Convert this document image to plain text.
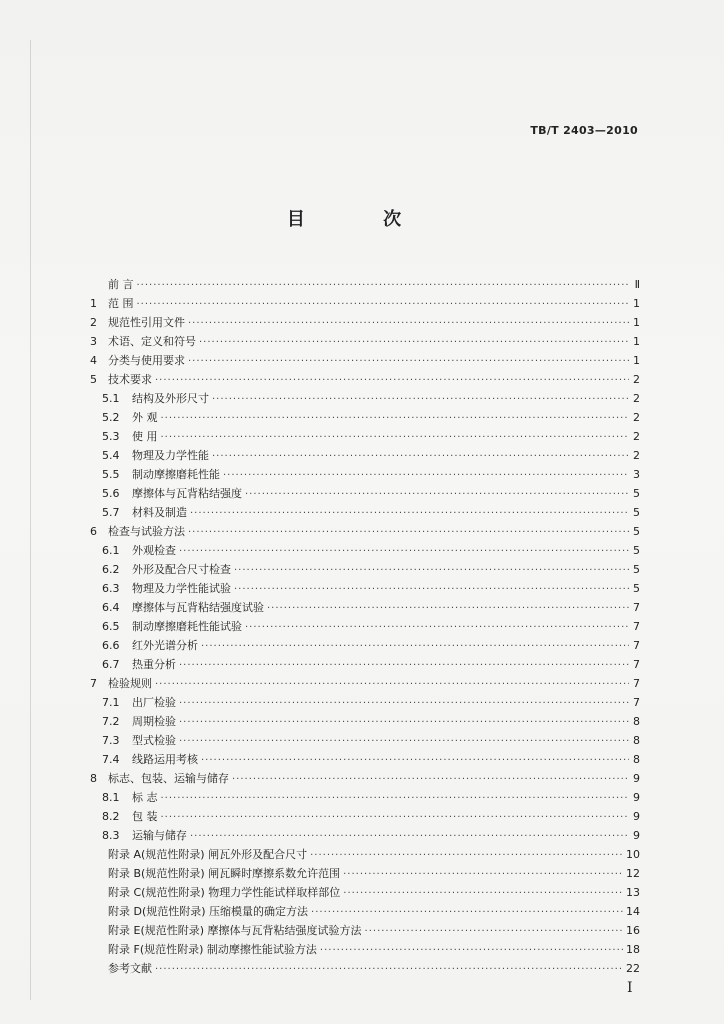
TB/T 2403—2010
目 次
前 言 ·····	Ⅱ
1	范 围 ·····	1
2	规范性引用文件 ·····	1
3	术语、定义和符号 ·····	1
4	分类与使用要求 ·····	1
5	技术要求 ·····	2
5.1	结构及外形尺寸 ·····	2
5.2	外 观 ·····	2
5.3	使 用 ·····	2
5.4	物理及力学性能 ·····	2
5.5	制动摩擦磨耗性能 ·····	3
5.6	摩擦体与瓦背粘结强度 ·····	5
5.7	材料及制造 ·····	5
6	检查与试验方法 ·····	5
6.1	外观检查 ·····	5
6.2	外形及配合尺寸检查 ·····	5
6.3	物理及力学性能试验 ·····	5
6.4	摩擦体与瓦背粘结强度试验 ·····	7
6.5	制动摩擦磨耗性能试验 ·····	7
6.6	红外光谱分析 ·····	7
6.7	热重分析 ·····	7
7	检验规则 ·····	7
7.1	出厂检验 ·····	7
7.2	周期检验 ·····	8
7.3	型式检验 ·····	8
7.4	线路运用考核 ·····	8
8	标志、包装、运输与储存 ·····	9
8.1	标 志 ·····	9
8.2	包 装 ·····	9
8.3	运输与储存 ·····	9
附录 A(规范性附录) 闸瓦外形及配合尺寸 ·····	10
附录 B(规范性附录) 闸瓦瞬时摩擦系数允许范围 ·····	12
附录 C(规范性附录) 物理力学性能试样取样部位 ·····	13
附录 D(规范性附录) 压缩模量的确定方法 ·····	14
附录 E(规范性附录) 摩擦体与瓦背粘结强度试验方法 ·····	16
附录 F(规范性附录) 制动摩擦性能试验方法 ·····	18
参考文献 ·····	22
I
